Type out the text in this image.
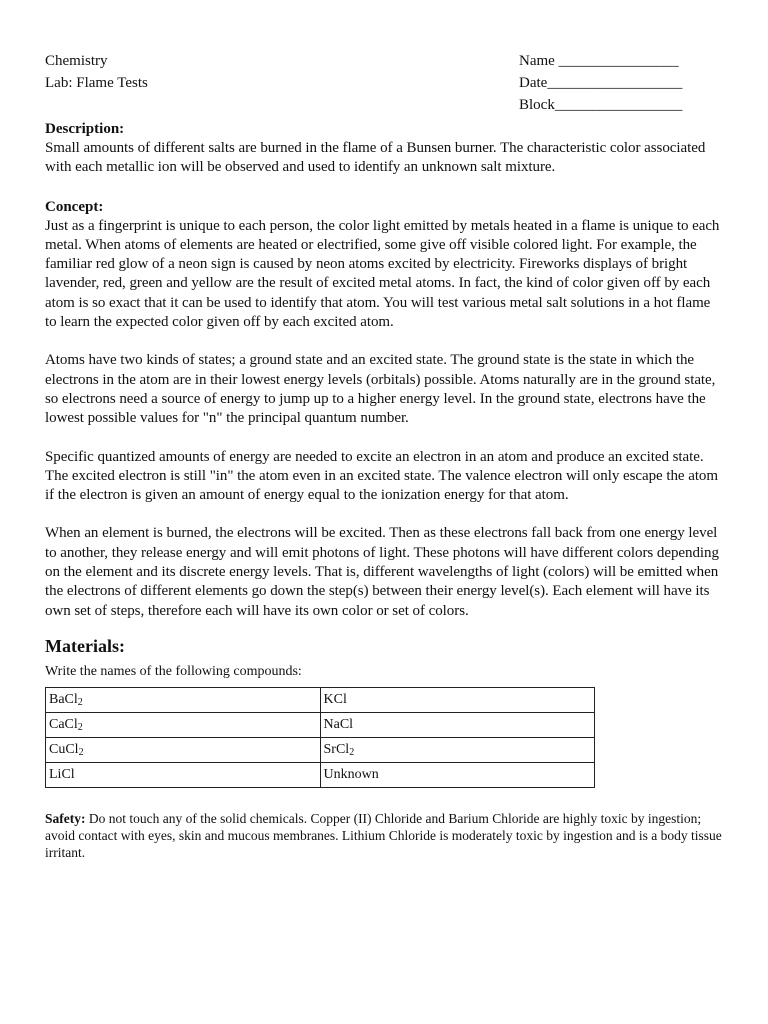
Chemistry
Lab: Flame Tests
Name ________________
Date__________________
Block_________________

Description:

Small amounts of different salts are burned in the flame of a Bunsen burner. The characteristic color associated with each metallic ion will be observed and used to identify an unknown salt mixture.

Concept:

Just as a fingerprint is unique to each person, the color light emitted by metals heated in a flame is unique to each metal. When atoms of elements are heated or electrified, some give off visible colored light. For example, the familiar red glow of a neon sign is caused by neon atoms excited by electricity. Fireworks displays of bright lavender, red, green and yellow are the result of excited metal atoms. In fact, the kind of color given off by each atom is so exact that it can be used to identify that atom. You will test various metal salt solutions in a hot flame to learn the expected color given off by each excited atom.

Atoms have two kinds of states; a ground state and an excited state. The ground state is the state in which the electrons in the atom are in their lowest energy levels (orbitals) possible. Atoms naturally are in the ground state, so electrons need a source of energy to jump up to a higher energy level. In the ground state, electrons have the lowest possible values for "n" the principal quantum number.

Specific quantized amounts of energy are needed to excite an electron in an atom and produce an excited state. The excited electron is still "in" the atom even in an excited state. The valence electron will only escape the atom if the electron is given an amount of energy equal to the ionization energy for that atom.

When an element is burned, the electrons will be excited. Then as these electrons fall back from one energy level to another, they release energy and will emit photons of light. These photons will have different colors depending on the element and its discrete energy levels. That is, different wavelengths of light (colors) will be emitted when the electrons of different elements go down the step(s) between their energy level(s). Each element will have its own set of steps, therefore each will have its own color or set of colors.

Materials:

Write the names of the following compounds:

BaCl$_2$	KCl
CaCl$_2$	NaCl
CuCl$_2$	SrCl$_2$
LiCl	Unknown

Safety: Do not touch any of the solid chemicals. Copper (II) Chloride and Barium Chloride are highly toxic by ingestion; avoid contact with eyes, skin and mucous membranes. Lithium Chloride is moderately toxic by ingestion and is a body tissue irritant.
